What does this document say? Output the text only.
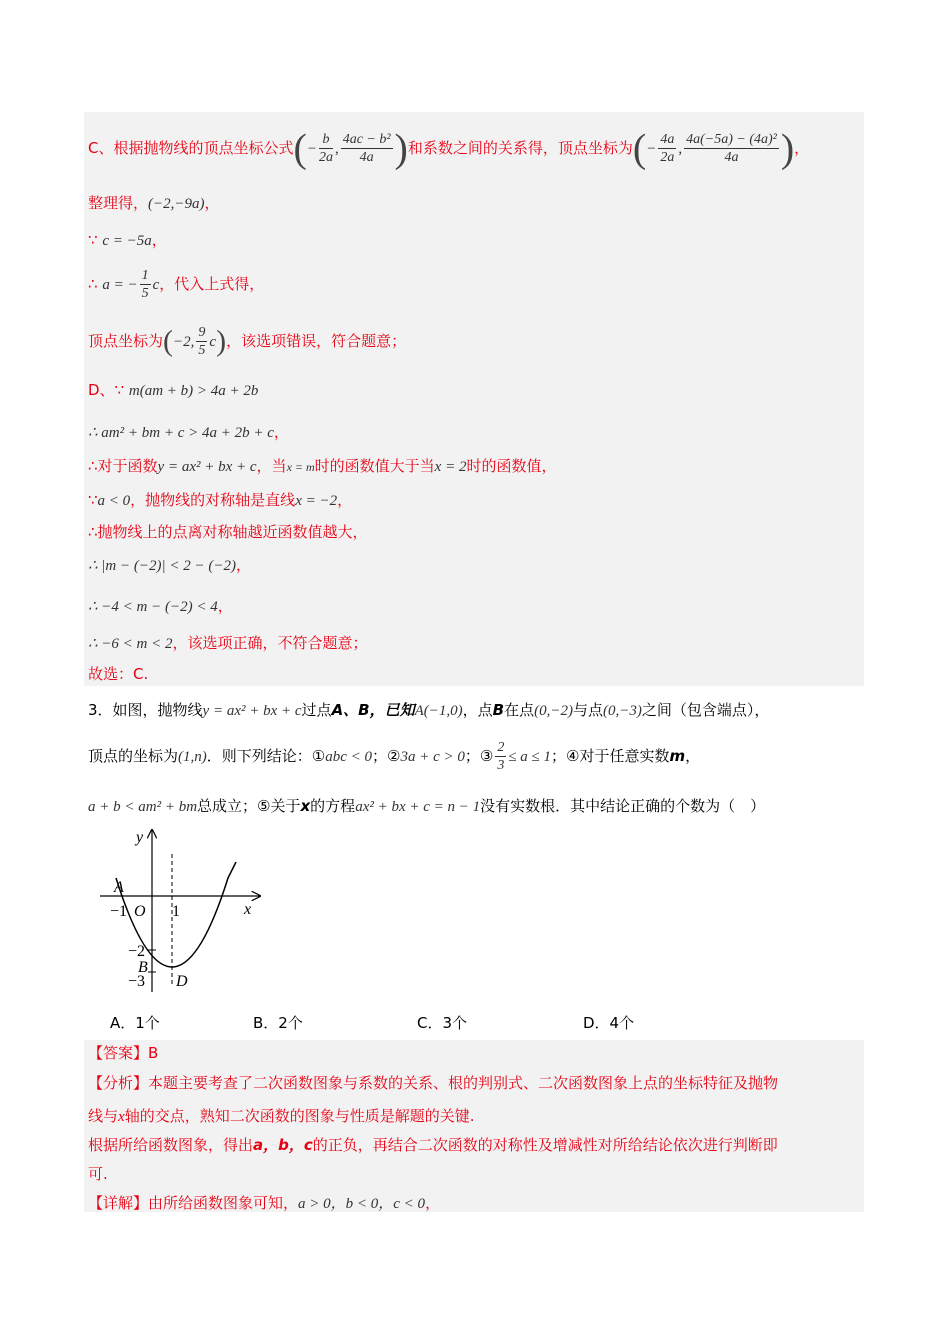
C、根据抛物线的顶点坐标公式(− $\frac{b}{2a}$ , $\frac{\text{4ac − b²}}{4a}$ )和系数之间的关系得，顶点坐标为(− $\frac{4a}{2a}$ , $\frac{\text{4a(−5a) − (4a)²}}{4a}$ )，
整理得，(−2,−9a)，
∵ c = −5a，
∴ a = − $\frac{1}{5}$ c，代入上式得，
顶点坐标为(−2, $\frac{9}{5} c$)，该选项错误，符合题意；
D、∵ m(am + b) > 4a + 2b
∴ am² + bm + c > 4a + 2b + c，
∴对于函数y = ax² + bx + c，当x = m时的函数值大于当x = 2时的函数值，
∵a < 0，抛物线的对称轴是直线x = −2，
∴抛物线上的点离对称轴越近函数值越大，
∴ |m − (−2)| < 2 − (−2)，
∴ −4 < m − (−2) < 4，
∴ −6 < m < 2，该选项正确，不符合题意；
故选：C.
3．如图，抛物线y = ax² + bx + c过点A、B，已知A(−1,0)，点B在点(0,−2)与点(0,−3)之间（包含端点），
顶点的坐标为(1,n)．则下列结论：①abc < 0；②3a + c > 0；③ $\frac{2}{3} \le a \le 1$；④对于任意实数m，
a + b < am² + bm总成立；⑤关于x的方程ax² + bx + c = n − 1没有实数根．其中结论正确的个数为（　）
y
x
A
O
B
D
−1	1
−2
−3
A．1个	B．2个	C．3个	D．4个
【答案】B
【分析】本题主要考查了二次函数图象与系数的关系、根的判别式、二次函数图象上点的坐标特征及抛物
线与x轴的交点，熟知二次函数的图象与性质是解题的关键.
根据所给函数图象，得出a，b，c的正负，再结合二次函数的对称性及增减性对所给结论依次进行判断即
可.
【详解】由所给函数图象可知，a > 0，b < 0，c < 0，
